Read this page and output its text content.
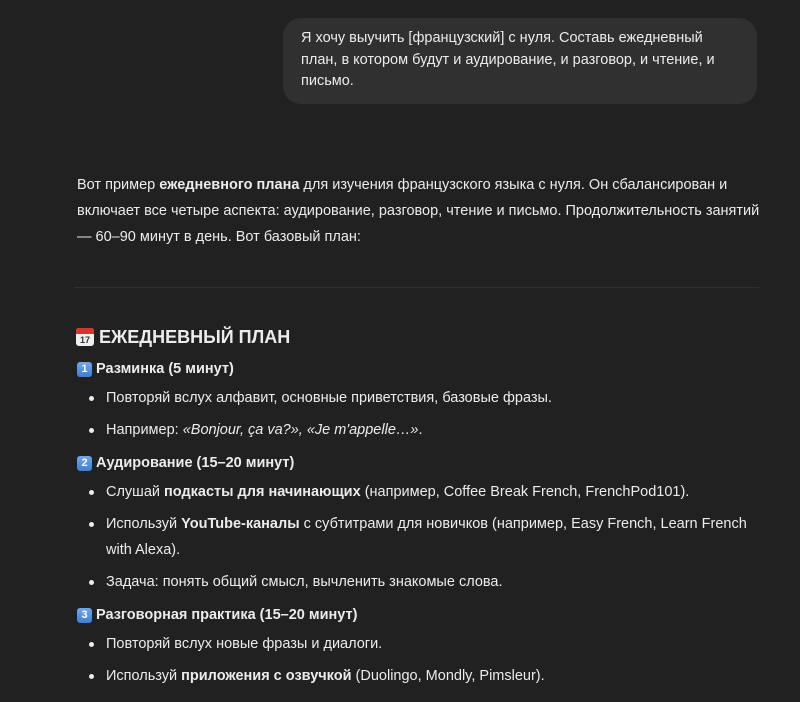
Я хочу выучить [французский] с нуля. Составь ежедневный план, в котором будут и аудирование, и разговор, и чтение, и письмо.

Вот пример ежедневного плана для изучения французского языка с нуля. Он сбалансирован и включает все четыре аспекта: аудирование, разговор, чтение и письмо. Продолжительность занятий — 60–90 минут в день. Вот базовый план:

17 ЕЖЕДНЕВНЫЙ ПЛАН
1 Разминка (5 минут)
Повторяй вслух алфавит, основные приветствия, базовые фразы.
Например: «Bonjour, ça va?», «Je m'appelle…».
2 Аудирование (15–20 минут)
Слушай подкасты для начинающих (например, Coffee Break French, FrenchPod101).
Используй YouTube-каналы с субтитрами для новичков (например, Easy French, Learn French with Alexa).
Задача: понять общий смысл, вычленить знакомые слова.
3 Разговорная практика (15–20 минут)
Повторяй вслух новые фразы и диалоги.
Используй приложения с озвучкой (Duolingo, Mondly, Pimsleur).
